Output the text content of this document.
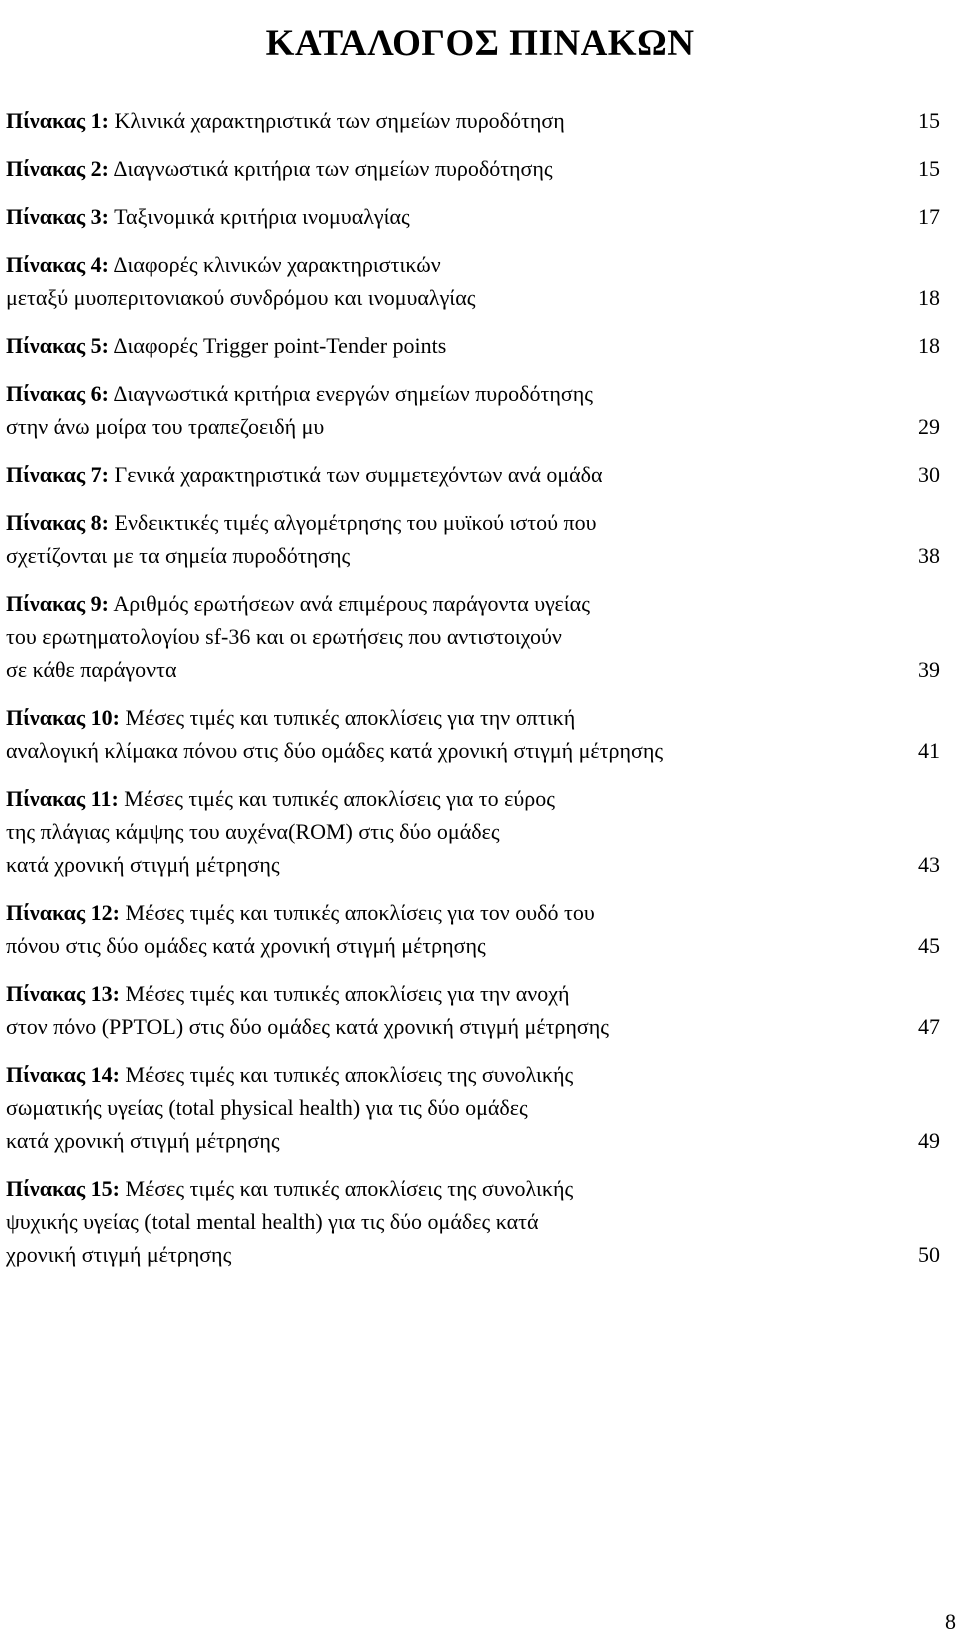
ΚΑΤΑΛΟΓΟΣ ΠΙΝΑΚΩΝ
Πίνακας 1: Κλινικά χαρακτηριστικά των σημείων πυροδότηση	15
Πίνακας 2: Διαγνωστικά κριτήρια των σημείων πυροδότησης	15
Πίνακας 3: Ταξινομικά κριτήρια ινομυαλγίας	17
Πίνακας 4: Διαφορές κλινικών χαρακτηριστικών
μεταξύ μυοπεριτονιακού συνδρόμου και ινομυαλγίας	18
Πίνακας 5: Διαφορές Trigger point-Tender points	18
Πίνακας 6: Διαγνωστικά κριτήρια ενεργών σημείων πυροδότησης
στην άνω μοίρα του τραπεζοειδή μυ	29
Πίνακας 7: Γενικά χαρακτηριστικά των συμμετεχόντων ανά ομάδα	30
Πίνακας 8: Ενδεικτικές τιμές αλγομέτρησης του μυϊκού ιστού που
σχετίζονται με τα σημεία πυροδότησης	38
Πίνακας 9: Αριθμός ερωτήσεων ανά επιμέρους παράγοντα υγείας
του ερωτηματολογίου sf-36 και οι ερωτήσεις που αντιστοιχούν
σε κάθε παράγοντα	39
Πίνακας 10: Μέσες τιμές και τυπικές αποκλίσεις για την οπτική
αναλογική κλίμακα πόνου στις δύο ομάδες κατά χρονική στιγμή μέτρησης	41
Πίνακας 11: Μέσες τιμές και τυπικές αποκλίσεις για το εύρος
της πλάγιας κάμψης του αυχένα(ROM) στις δύο ομάδες
κατά χρονική στιγμή μέτρησης	43
Πίνακας 12: Μέσες τιμές και τυπικές αποκλίσεις για τον ουδό του
πόνου στις δύο ομάδες κατά χρονική στιγμή μέτρησης	45
Πίνακας 13: Μέσες τιμές και τυπικές αποκλίσεις για την ανοχή
στον πόνο (PPTOL) στις δύο ομάδες κατά χρονική στιγμή μέτρησης	47
Πίνακας 14: Μέσες τιμές και τυπικές αποκλίσεις της συνολικής
σωματικής υγείας (total physical health) για τις δύο ομάδες
κατά χρονική στιγμή μέτρησης	49
Πίνακας 15: Μέσες τιμές και τυπικές αποκλίσεις της συνολικής
ψυχικής υγείας (total mental health) για τις δύο ομάδες κατά
χρονική στιγμή μέτρησης	50
8
